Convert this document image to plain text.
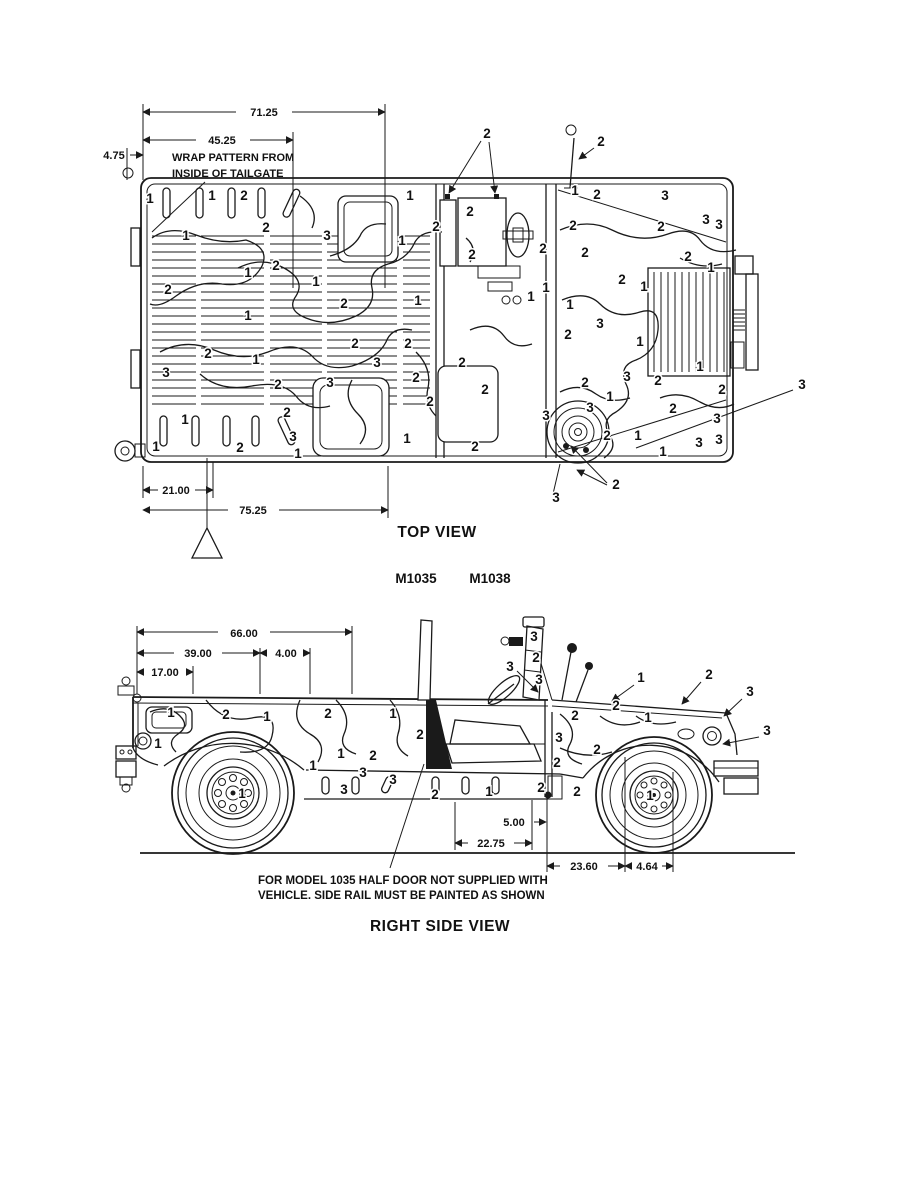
1	1 2	1
2
1	3	1
2
1 2
1
2
2	1
1
2	2
2	1
3
2	3
3
2
2
2
1
1	2
3
1
1
1 2	3
3 3
2	2
2	2	2
1
2 1
2
2
1
1
1
3
2	1
2
2
1
2
3
2
1
3
2
3
3 3
2
1
1
2
3
2
2
2
3
2
3
71.25
45.25
4.75
21.00
75.25
WRAP PATTERN FROM
INSIDE OF TAILGATE
TOP VIEW
M1035 M1038
1	2 1	2	1
2
1
1
1 2
3 3
3	2	1	2 2
3
2
3
2
3
2
1
2
2
1	1
3
1	2
3
3
66.00
39.00	4.00
17.00
5.00
22.75
23.60	4.64
FOR MODEL 1035 HALF DOOR NOT SUPPLIED WITH
VEHICLE. SIDE RAIL MUST BE PAINTED AS SHOWN
RIGHT SIDE VIEW
